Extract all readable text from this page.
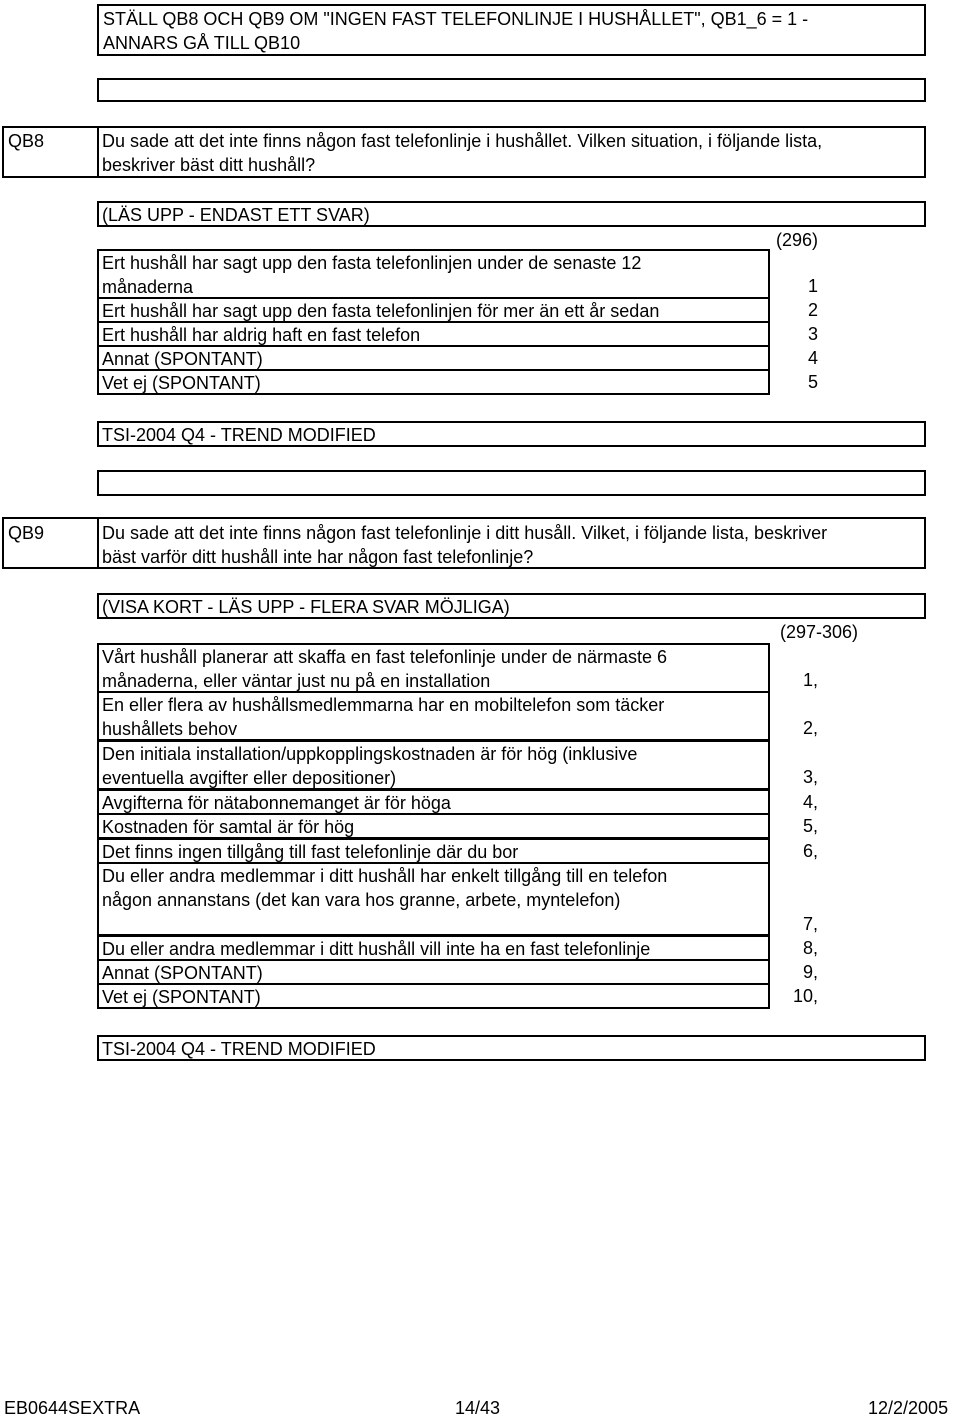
STÄLL QB8 OCH QB9 OM "INGEN FAST TELEFONLINJE I HUSHÅLLET", QB1_6 = 1 -
ANNARS GÅ TILL QB10
QB8	Du sade att det inte finns någon fast telefonlinje i hushållet. Vilken situation, i följande lista,
beskriver bäst ditt hushåll?
(LÄS UPP - ENDAST ETT SVAR)
(296)
Ert hushåll har sagt upp den fasta telefonlinjen under de senaste 12
månaderna	1
Ert hushåll har sagt upp den fasta telefonlinjen för mer än ett år sedan	2
Ert hushåll har aldrig haft en fast telefon	3
Annat (SPONTANT)	4
Vet ej (SPONTANT)	5
TSI-2004 Q4 - TREND MODIFIED
QB9	Du sade att det inte finns någon fast telefonlinje i ditt husåll. Vilket, i följande lista, beskriver
bäst varför ditt hushåll inte har någon fast telefonlinje?
(VISA KORT - LÄS UPP - FLERA SVAR MÖJLIGA)
(297-306)
Vårt hushåll planerar att skaffa en fast telefonlinje under de närmaste 6
månaderna, eller väntar just nu på en installation	1,
En eller flera av hushållsmedlemmarna har en mobiltelefon som täcker
hushållets behov	2,
Den initiala installation/uppkopplingskostnaden är för hög (inklusive
eventuella avgifter eller depositioner)	3,
Avgifterna för nätabonnemanget är för höga	4,
Kostnaden för samtal är för hög	5,
Det finns ingen tillgång till fast telefonlinje där du bor	6,
Du eller andra medlemmar i ditt hushåll har enkelt tillgång till en telefon
någon annanstans (det kan vara hos granne, arbete, myntelefon)
7,
Du eller andra medlemmar i ditt hushåll vill inte ha en fast telefonlinje	8,
Annat (SPONTANT)	9,
Vet ej (SPONTANT)	10,
TSI-2004 Q4 - TREND MODIFIED
EB0644SEXTRA	14/43	12/2/2005
